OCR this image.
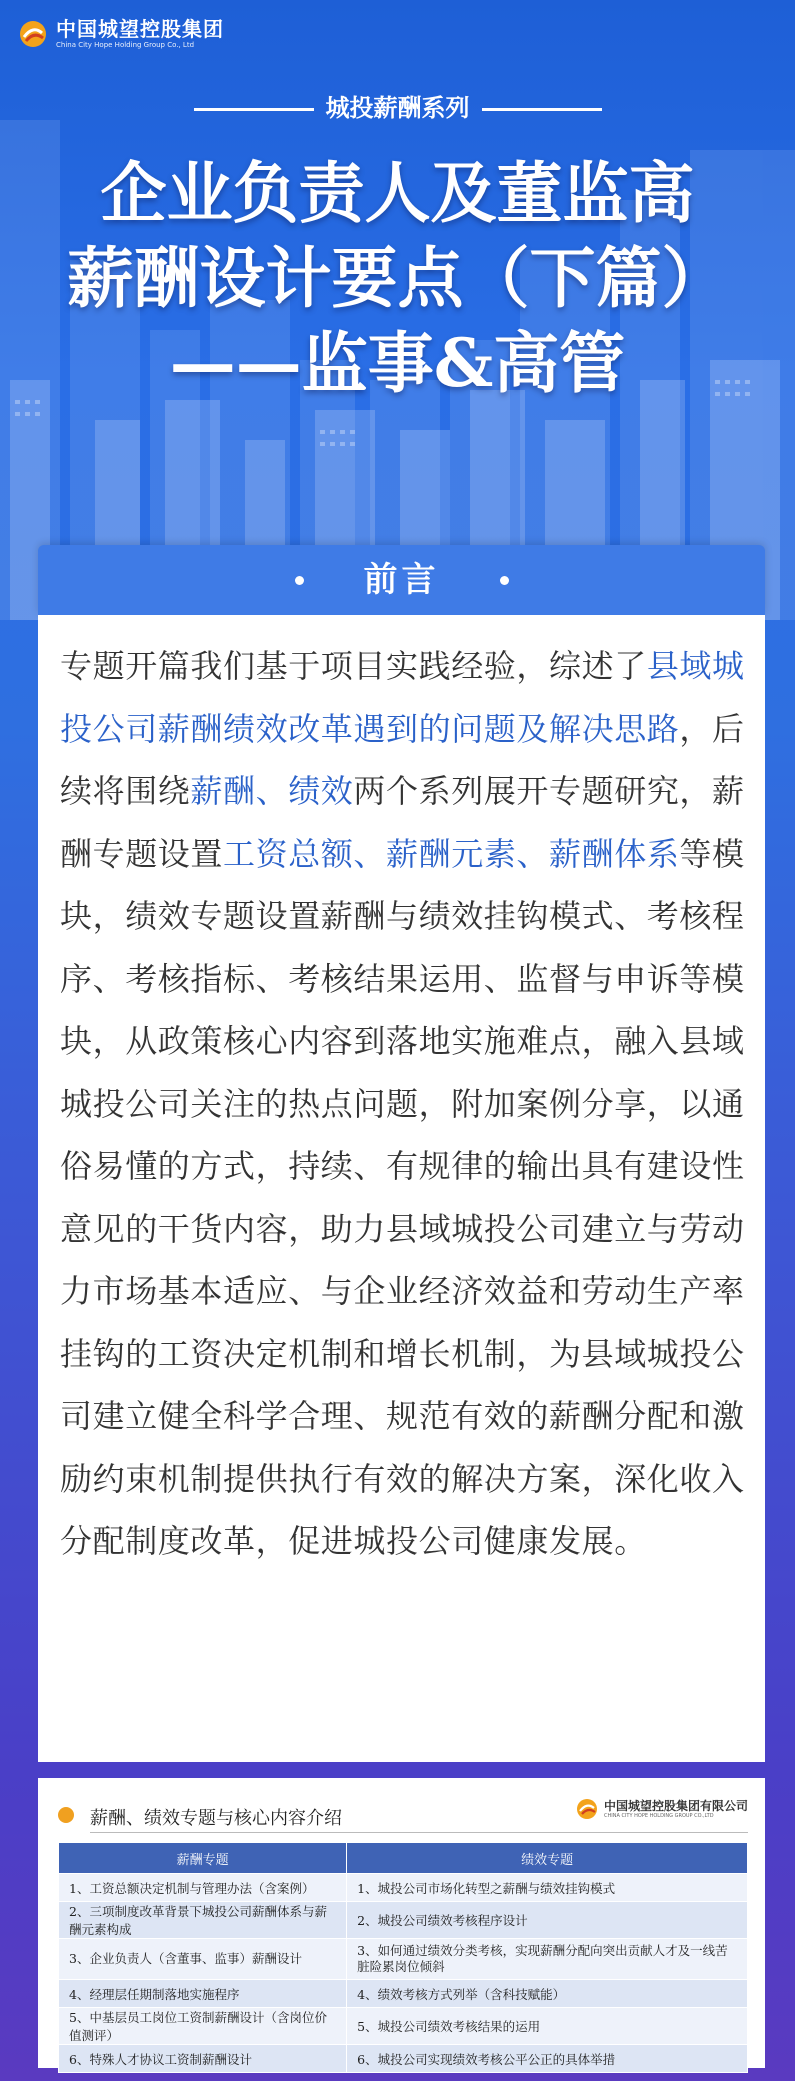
中国城望控股集团
China City Hope Holding Group Co., Ltd
城投薪酬系列
企业负责人及董监高
薪酬设计要点（下篇）
——监事&高管
前言

专题开篇我们基于项目实践经验，综述了县域城投公司薪酬绩效改革遇到的问题及解决思路，后续将围绕薪酬、绩效两个系列展开专题研究，薪酬专题设置工资总额、薪酬元素、薪酬体系等模块，绩效专题设置薪酬与绩效挂钩模式、考核程序、考核指标、考核结果运用、监督与申诉等模块，从政策核心内容到落地实施难点，融入县域城投公司关注的热点问题，附加案例分享，以通俗易懂的方式，持续、有规律的输出具有建设性意见的干货内容，助力县域城投公司建立与劳动力市场基本适应、与企业经济效益和劳动生产率挂钩的工资决定机制和增长机制，为县域城投公司建立健全科学合理、规范有效的薪酬分配和激励约束机制提供执行有效的解决方案，深化收入分配制度改革，促进城投公司健康发展。

薪酬、绩效专题与核心内容介绍
中国城望控股集团有限公司
CHINA CITY HOPE HOLDING GROUP CO.,LTD
薪酬专题	绩效专题
1、工资总额决定机制与管理办法（含案例）	1、城投公司市场化转型之薪酬与绩效挂钩模式
2、三项制度改革背景下城投公司薪酬体系与薪酬元素构成	2、城投公司绩效考核程序设计
3、企业负责人（含董事、监事）薪酬设计	3、如何通过绩效分类考核，实现薪酬分配向突出贡献人才及一线苦脏险累岗位倾斜
4、经理层任期制落地实施程序	4、绩效考核方式列举（含科技赋能）
5、中基层员工岗位工资制薪酬设计（含岗位价值测评）	5、城投公司绩效考核结果的运用
6、特殊人才协议工资制薪酬设计	6、城投公司实现绩效考核公平公正的具体举措
